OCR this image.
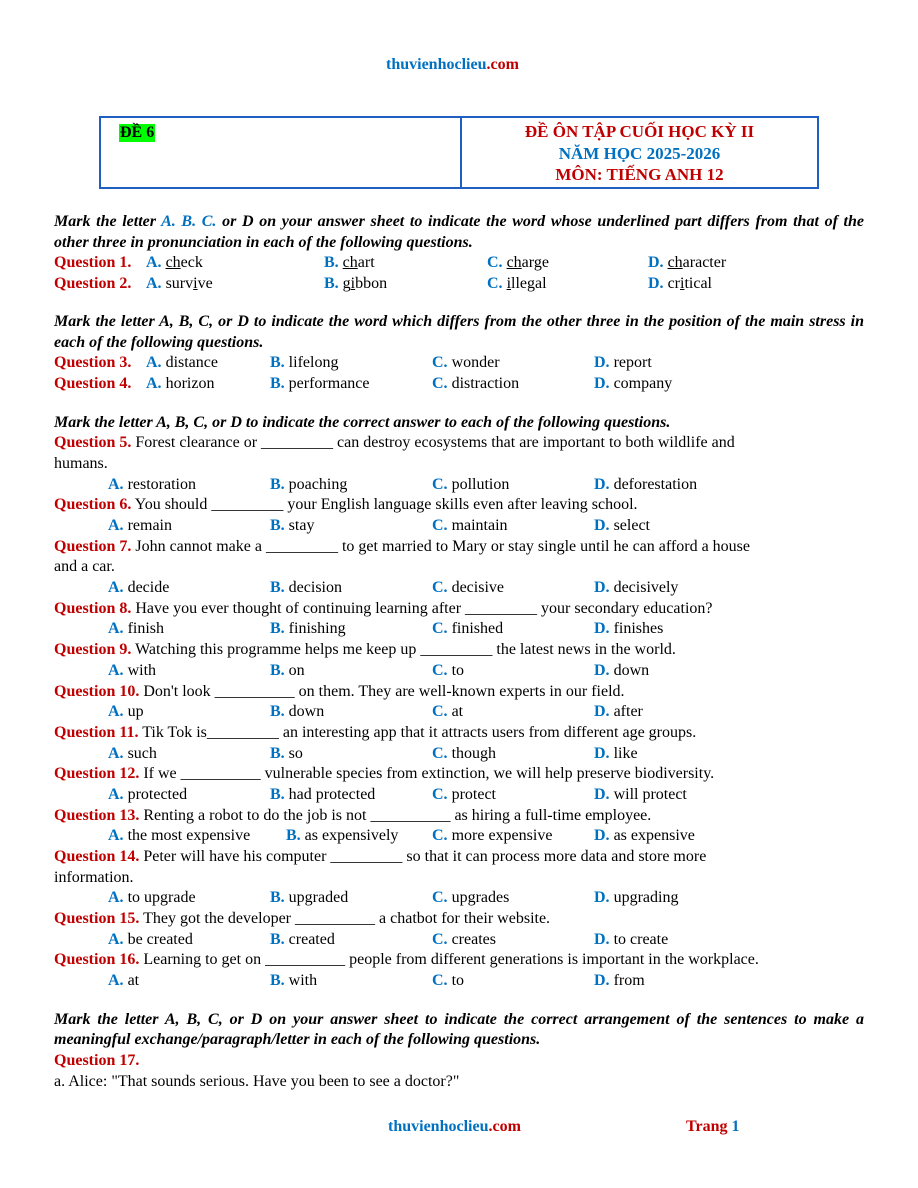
thuvienhoclieu.com
ĐỀ 6	ĐỀ ÔN TẬP CUỐI HỌC KỲ II
NĂM HỌC 2025-2026
MÔN: TIẾNG ANH 12
Mark the letter A. B. C. or D on your answer sheet to indicate the word whose underlined part differs from that of the other three in pronunciation in each of the following questions.
Question 1. A. check	B. chart	C. charge	D. character
Question 2. A. survive	B. gibbon	C. illegal	D. critical
Mark the letter A, B, C, or D to indicate the word which differs from the other three in the position of the main stress in each of the following questions.
Question 3. A. distance	B. lifelong	C. wonder	D. report
Question 4. A. horizon	B. performance	C. distraction	D. company
Mark the letter A, B, C, or D to indicate the correct answer to each of the following questions.
Question 5. Forest clearance or _________ can destroy ecosystems that are important to both wildlife and
humans.
A. restoration	B. poaching	C. pollution	D. deforestation
Question 6. You should _________ your English language skills even after leaving school.
A. remain	B. stay	C. maintain	D. select
Question 7. John cannot make a _________ to get married to Mary or stay single until he can afford a house
and a car.
A. decide	B. decision	C. decisive	D. decisively
Question 8. Have you ever thought of continuing learning after _________ your secondary education?
A. finish	B. finishing	C. finished	D. finishes
Question 9. Watching this programme helps me keep up _________ the latest news in the world.
A. with	B. on	C. to	D. down
Question 10. Don't look __________ on them. They are well-known experts in our field.
A. up	B. down	C. at	D. after
Question 11. Tik Tok is_________ an interesting app that it attracts users from different age groups.
A. such	B. so	C. though	D. like
Question 12. If we __________ vulnerable species from extinction, we will help preserve biodiversity.
A. protected	B. had protected	C. protect	D. will protect
Question 13. Renting a robot to do the job is not __________ as hiring a full-time employee.
A. the most expensive B. as expensively C. more expensive	D. as expensive
Question 14. Peter will have his computer _________ so that it can process more data and store more
information.
A. to upgrade	B. upgraded	C. upgrades	D. upgrading
Question 15. They got the developer __________ a chatbot for their website.
A. be created	B. created	C. creates	D. to create
Question 16. Learning to get on __________ people from different generations is important in the workplace.
A. at	B. with	C. to	D. from
Mark the letter A, B, C, or D on your answer sheet to indicate the correct arrangement of the sentences to make a meaningful exchange/paragraph/letter in each of the following questions.
Question 17.
a. Alice: "That sounds serious. Have you been to see a doctor?"
thuvienhoclieu.com	Trang 1
